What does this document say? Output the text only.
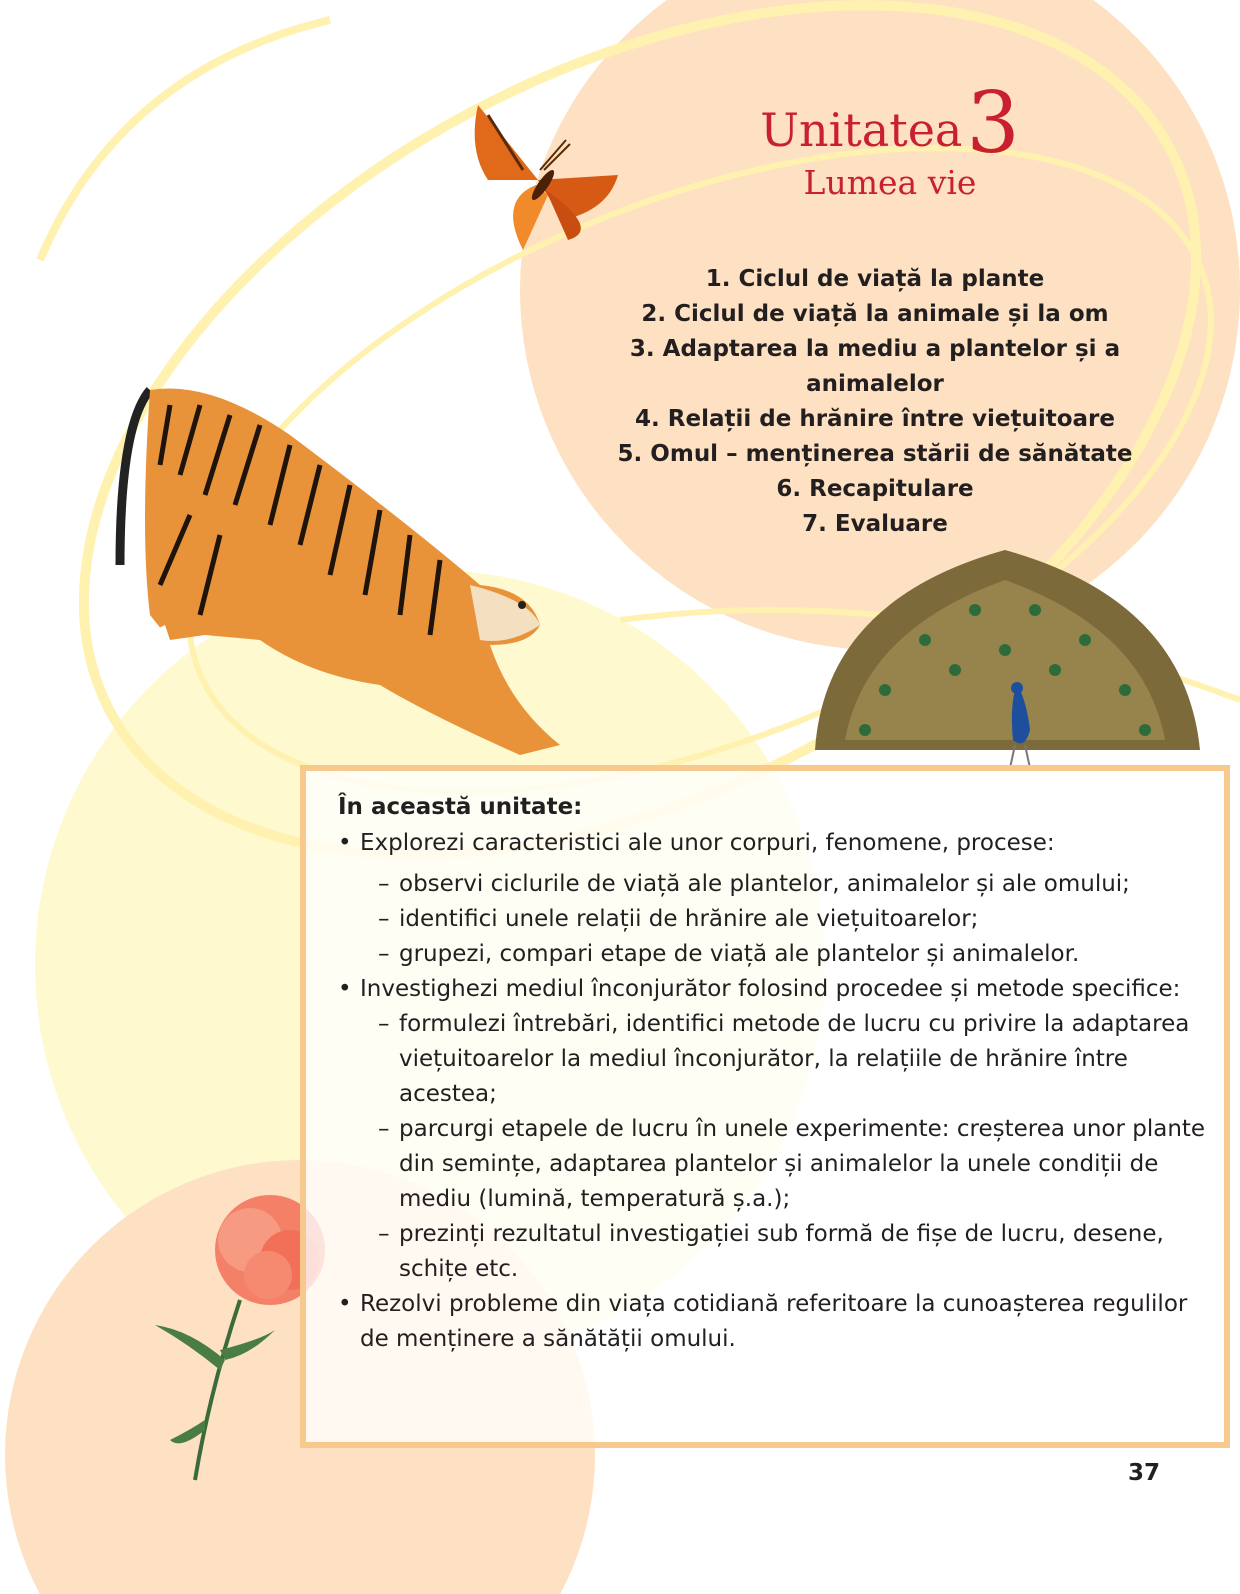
Unitatea3
Lumea vie
1. Ciclul de viață la plante
2. Ciclul de viață la animale și la om
3. Adaptarea la mediu a plantelor și a animalelor
4. Relații de hrănire între viețuitoare
5. Omul – menținerea stării de sănătate
6. Recapitulare
7. Evaluare

În această unitate:

• Explorezi caracteristici ale unor corpuri, fenomene, procese:

– observi ciclurile de viață ale plantelor, animalelor și ale omului;
– identifici unele relații de hrănire ale viețuitoarelor;
– grupezi, compari etape de viață ale plantelor și animalelor.

• Investighezi mediul înconjurător folosind procedee și metode specifice:

– formulezi întrebări, identifici metode de lucru cu privire la adaptarea viețuitoarelor la mediul înconjurător, la relațiile de hrănire între acestea;
– parcurgi etapele de lucru în unele experimente: creșterea unor plante din semințe, adaptarea plantelor și animalelor la unele condiții de mediu (lumină, temperatură ș.a.);
– prezinți rezultatul investigației sub formă de fișe de lucru, desene, schițe etc.

• Rezolvi probleme din viața cotidiană referitoare la cunoașterea regulilor de menținere a sănătății omului.

37
